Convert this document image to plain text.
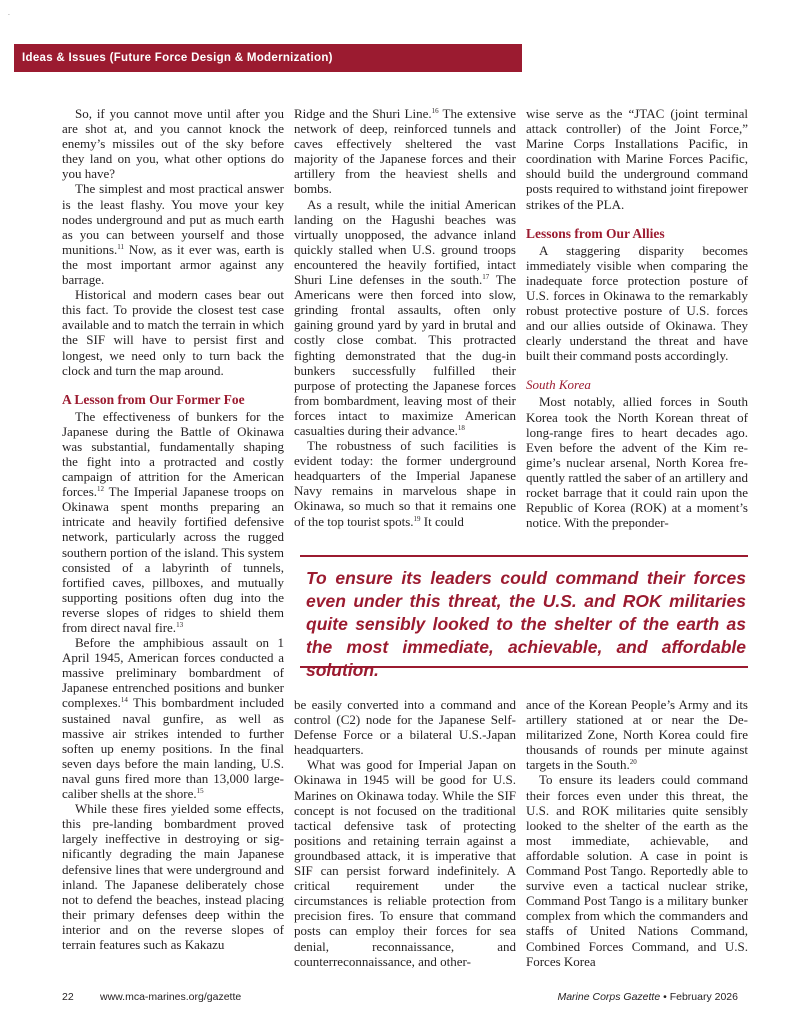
.
Ideas & Issues (Future Force Design & Modernization)

So, if you cannot move until after you are shot at, and you cannot knock the enemy’s missiles out of the sky before they land on you, what other options do you have?

The simplest and most practical answer is the least flashy. You move your key nodes underground and put as much earth as you can between yourself and those munitions.$^{11}$ Now, as it ever was, earth is the most important armor against any barrage.

Historical and modern cases bear out this fact. To provide the closest test case available and to match the terrain in which the SIF will have to persist first and longest, we need only to turn back the clock and turn the map around.

A Lesson from Our Former Foe

The effectiveness of bunkers for the Japanese during the Battle of Okinawa was substantial, fundamentally shaping the fight into a protracted and costly campaign of attrition for the American forces.$^{12}$ The Imperial Japanese troops on Okinawa spent months preparing an intricate and heavily fortified defensive network, particularly across the rugged southern portion of the island. This system consisted of a labyrinth of tunnels, fortified caves, pillboxes, and mutually supporting positions often dug into the reverse slopes of ridges to shield them from direct naval fire.$^{13}$

Before the amphibious assault on 1 April 1945, American forces conducted a massive preliminary bombardment of Japanese entrenched positions and bunker complexes.$^{14}$ This bombardment included sustained naval gunfire, as well as massive air strikes intended to further soften up enemy positions. In the final seven days before the main landing, U.S. naval guns fired more than 13,000 large-caliber shells at the shore.$^{15}$

While these fires yielded some effects, this pre-landing bombardment proved largely ineffective in destroying or significantly degrading the main Japanese defensive lines that were underground and inland. The Japanese deliberately chose not to defend the beaches, instead placing their primary defenses deep within the interior and on the reverse slopes of terrain features such as Kakazu

Ridge and the Shuri Line.$^{16}$ The extensive network of deep, reinforced tunnels and caves effectively sheltered the vast majority of the Japanese forces and their artillery from the heaviest shells and bombs.

As a result, while the initial American landing on the Hagushi beaches was virtually unopposed, the advance inland quickly stalled when U.S. ground troops encountered the heavily fortified, intact Shuri Line defenses in the south.$^{17}$ The Americans were then forced into slow, grinding frontal assaults, often only gaining ground yard by yard in brutal and costly close combat. This protracted fighting demonstrated that the dug-in bunkers successfully fulfilled their purpose of protecting the Japanese forces from bombardment, leaving most of their forces intact to maximize American casualties during their advance.$^{18}$

The robustness of such facilities is evident today: the former underground headquarters of the Imperial Japanese Navy remains in marvelous shape in Okinawa, so much so that it remains one of the top tourist spots.$^{19}$ It could

wise serve as the “JTAC (joint terminal attack controller) of the Joint Force,” Marine Corps Installations Pacific, in coordination with Marine Forces Pacific, should build the underground command posts required to withstand joint firepower strikes of the PLA.

Lessons from Our Allies

A staggering disparity becomes immediately visible when comparing the inadequate force protection posture of U.S. forces in Okinawa to the remarkably robust protective posture of U.S. forces and our allies outside of Okinawa. They clearly understand the threat and have built their command posts accordingly.

South Korea

Most notably, allied forces in South Korea took the North Korean threat of long-range fires to heart decades ago. Even before the advent of the Kim regime’s nuclear arsenal, North Korea frequently rattled the saber of an artillery and rocket barrage that it could rain upon the Republic of Korea (ROK) at a moment’s notice. With the preponder-

To ensure its leaders could command their forces even under this threat, the U.S. and ROK militaries quite sensibly looked to the shelter of the earth as the most immediate, achievable, and affordable solution.

be easily converted into a command and control (C2) node for the Japanese Self-Defense Force or a bilateral U.S.-Japan headquarters.

What was good for Imperial Japan on Okinawa in 1945 will be good for U.S. Marines on Okinawa today. While the SIF concept is not focused on the traditional tactical defensive task of protecting positions and retaining terrain against a groundbased attack, it is imperative that SIF can persist forward indefinitely. A critical requirement under the circumstances is reliable protection from precision fires. To ensure that command posts can employ their forces for sea denial, reconnaissance, and counterreconnaissance, and other-

ance of the Korean People’s Army and its artillery stationed at or near the Demilitarized Zone, North Korea could fire thousands of rounds per minute against targets in the South.$^{20}$

To ensure its leaders could command their forces even under this threat, the U.S. and ROK militaries quite sensibly looked to the shelter of the earth as the most immediate, achievable, and affordable solution. A case in point is Command Post Tango. Reportedly able to survive even a tactical nuclear strike, Command Post Tango is a military bunker complex from which the commanders and staffs of United Nations Command, Combined Forces Command, and U.S. Forces Korea

22	www.mca-marines.org/gazette	Marine Corps Gazette • February 2026
